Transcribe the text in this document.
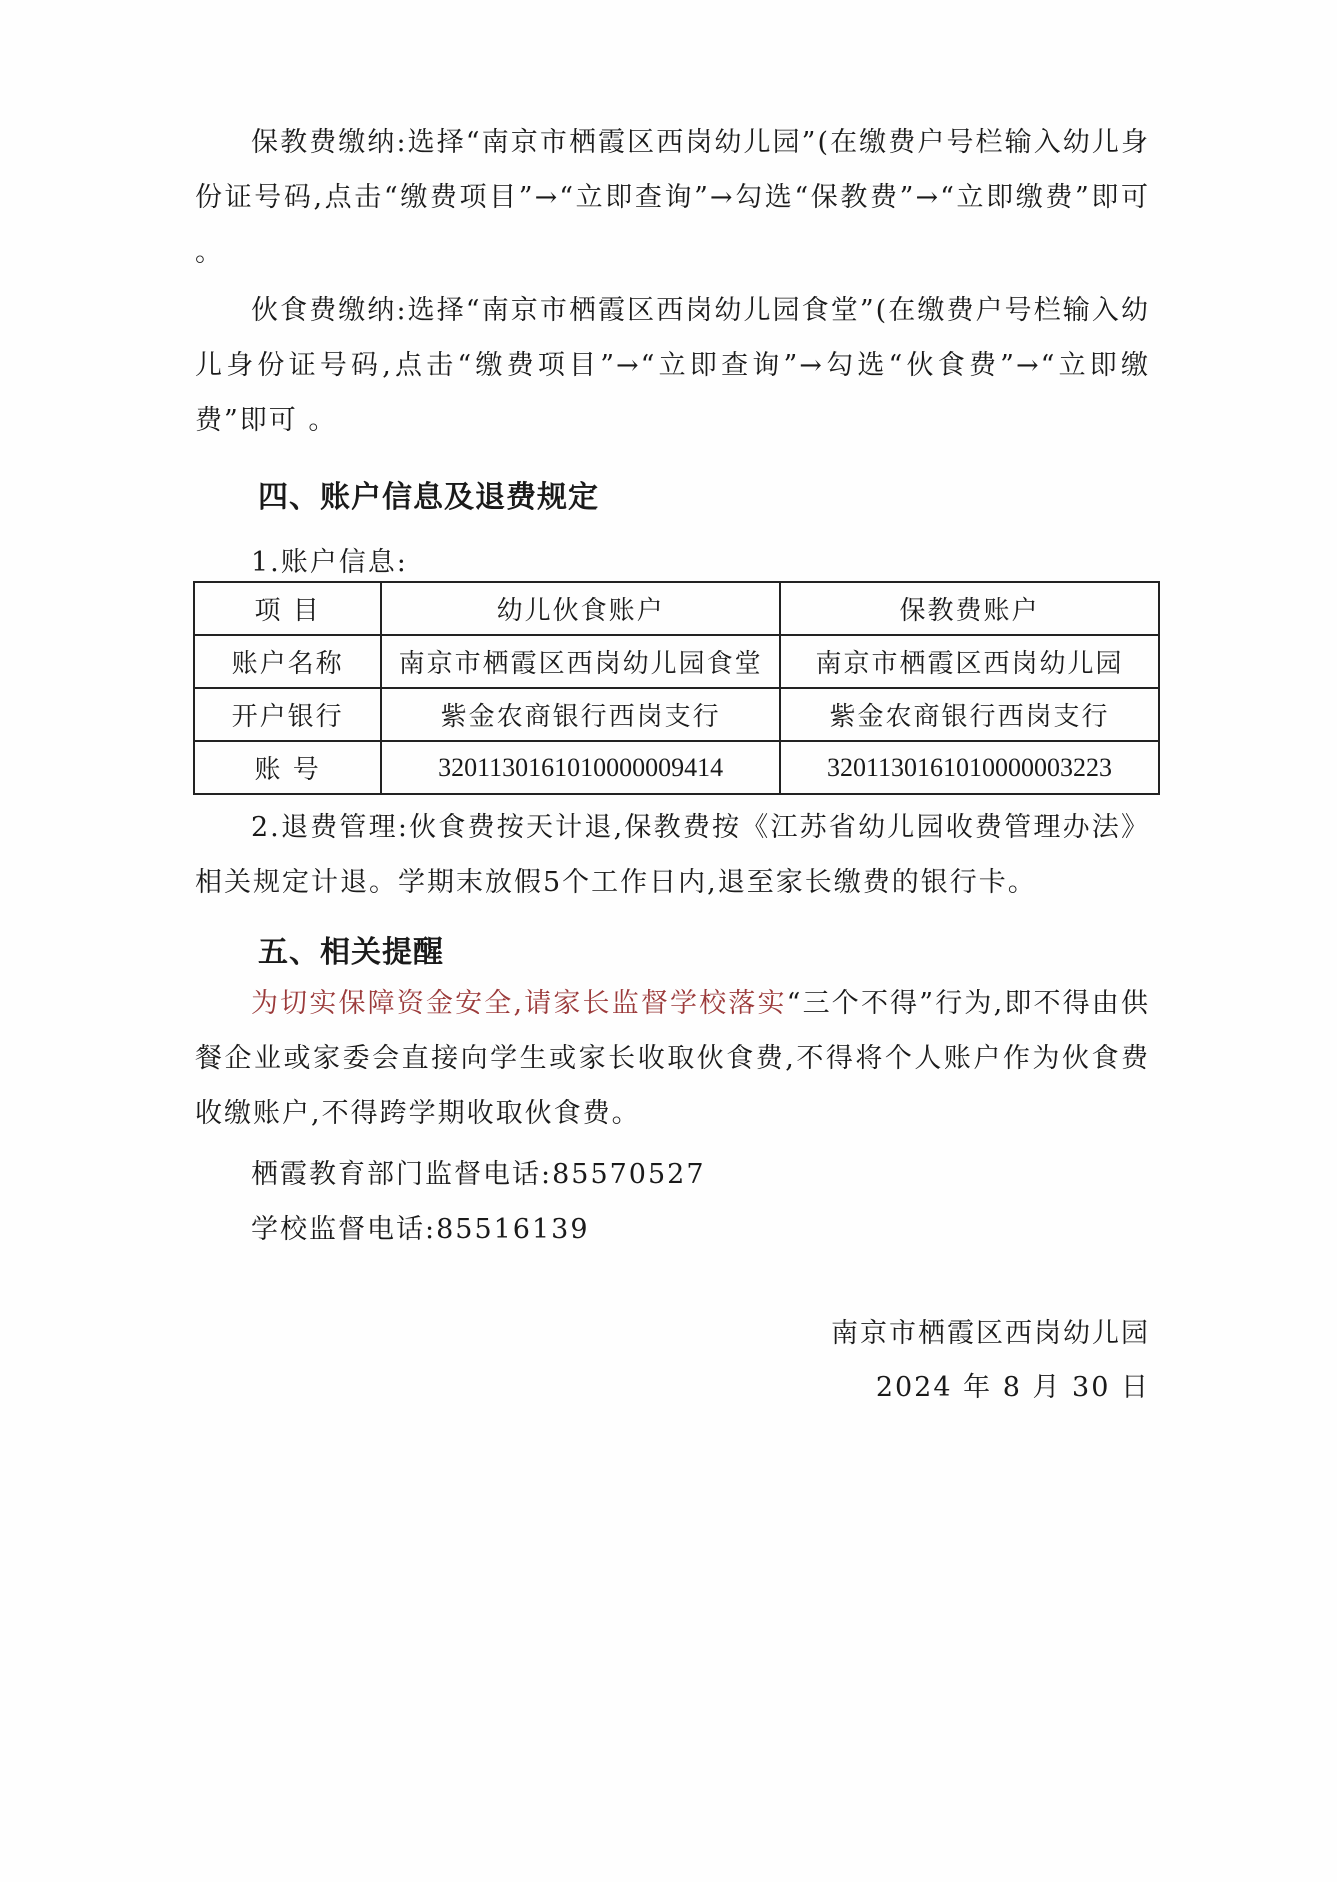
保教费缴纳:选择“南京市栖霞区西岗幼儿园”(在缴费户号栏输入幼儿身份证号码,点击“缴费项目”→“立即查询”→勾选“保教费”→“立即缴费”即可 。

伙食费缴纳:选择“南京市栖霞区西岗幼儿园食堂”(在缴费户号栏输入幼儿身份证号码,点击“缴费项目”→“立即查询”→勾选“伙食费”→“立即缴费”即可 。

四、账户信息及退费规定
1.账户信息:
项 目	幼儿伙食账户	保教费账户
账户名称	南京市栖霞区西岗幼儿园食堂	南京市栖霞区西岗幼儿园
开户银行	紫金农商银行西岗支行	紫金农商银行西岗支行
账 号	3201130161010000009414	3201130161010000003223

2.退费管理:伙食费按天计退,保教费按《江苏省幼儿园收费管理办法》相关规定计退。学期末放假5个工作日内,退至家长缴费的银行卡。

五、相关提醒

为切实保障资金安全,请家长监督学校落实“三个不得”行为,即不得由供餐企业或家委会直接向学生或家长收取伙食费,不得将个人账户作为伙食费收缴账户,不得跨学期收取伙食费。

栖霞教育部门监督电话:85570527
学校监督电话:85516139
南京市栖霞区西岗幼儿园
2024 年 8 月 30 日
